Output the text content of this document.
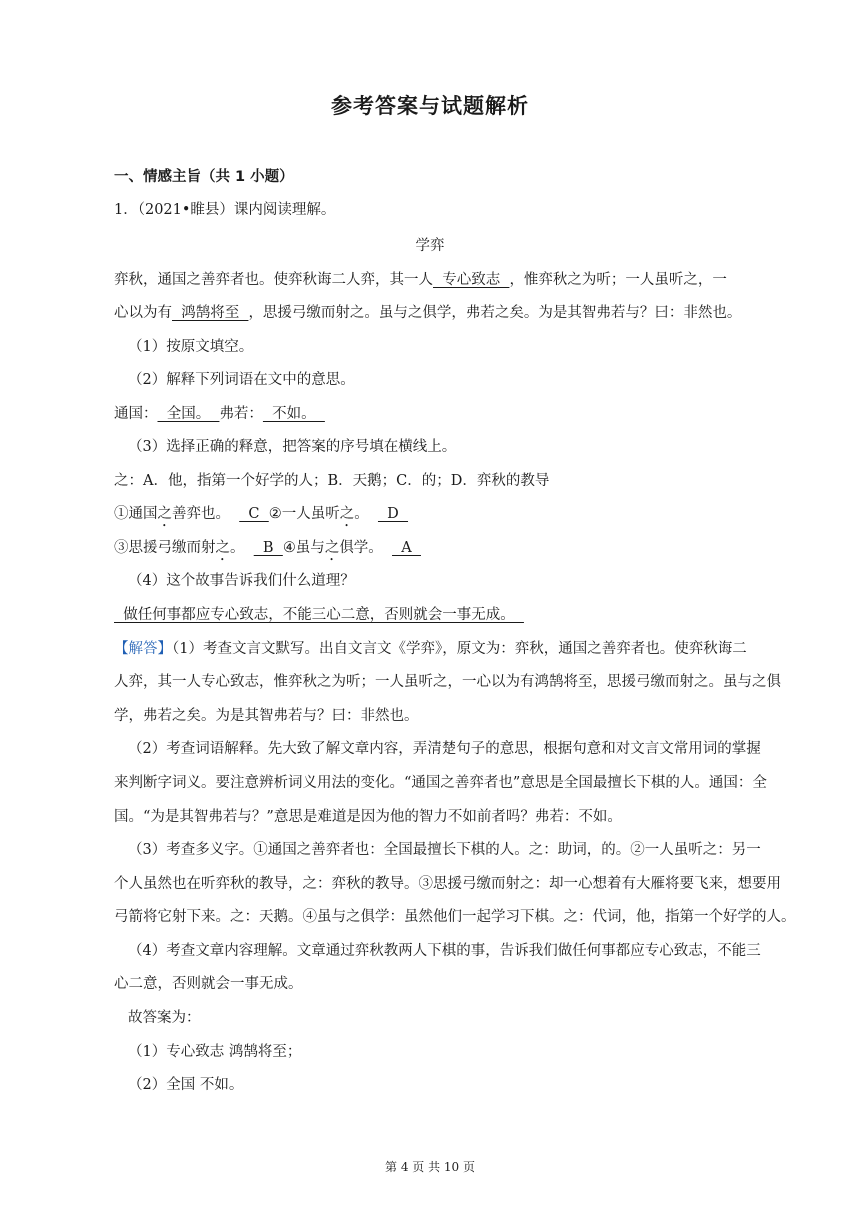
参考答案与试题解析
一、情感主旨（共 1 小题）
1．（2021•睢县）课内阅读理解。
学弈
弈秋，通国之善弈者也。使弈秋诲二人弈，其一人  专心致志  ，惟弈秋之为听；一人虽听之，一
心以为有  鸿鹄将至  ，思援弓缴而射之。虽与之俱学，弗若之矣。为是其智弗若与？曰：非然也。
（1）按原文填空。
（2）解释下列词语在文中的意思。
通国：  全国。  弗若：  不如。
（3）选择正确的释意，把答案的序号填在横线上。
之：A．他，指第一个好学的人；B．天鹅；C．的；D．弈秋的教导
①通国之善弈也。    C  ②一人虽听之。    D
③思援弓缴而射之。    B  ④虽与之俱学。    A
（4）这个故事告诉我们什么道理？
做任何事都应专心致志，不能三心二意，否则就会一事无成。
【解答】（1）考查文言文默写。出自文言文《学弈》，原文为：弈秋，通国之善弈者也。使弈秋诲二
人弈，其一人专心致志，惟弈秋之为听；一人虽听之，一心以为有鸿鹄将至，思援弓缴而射之。虽与之俱
学，弗若之矣。为是其智弗若与？曰：非然也。
（2）考查词语解释。先大致了解文章内容，弄清楚句子的意思，根据句意和对文言文常用词的掌握
来判断字词义。要注意辨析词义用法的变化。“通国之善弈者也”意思是全国最擅长下棋的人。通国：全
国。“为是其智弗若与？”意思是难道是因为他的智力不如前者吗？弗若：不如。
（3）考查多义字。①通国之善弈者也：全国最擅长下棋的人。之：助词，的。②一人虽听之：另一
个人虽然也在听弈秋的教导，之：弈秋的教导。③思援弓缴而射之：却一心想着有大雁将要飞来，想要用
弓箭将它射下来。之：天鹅。④虽与之俱学：虽然他们一起学习下棋。之：代词，他，指第一个好学的人。
（4）考查文章内容理解。文章通过弈秋教两人下棋的事，告诉我们做任何事都应专心致志，不能三
心二意，否则就会一事无成。
故答案为：
（1）专心致志 鸿鹄将至；
（2）全国 不如。
第 4 页 共 10 页
